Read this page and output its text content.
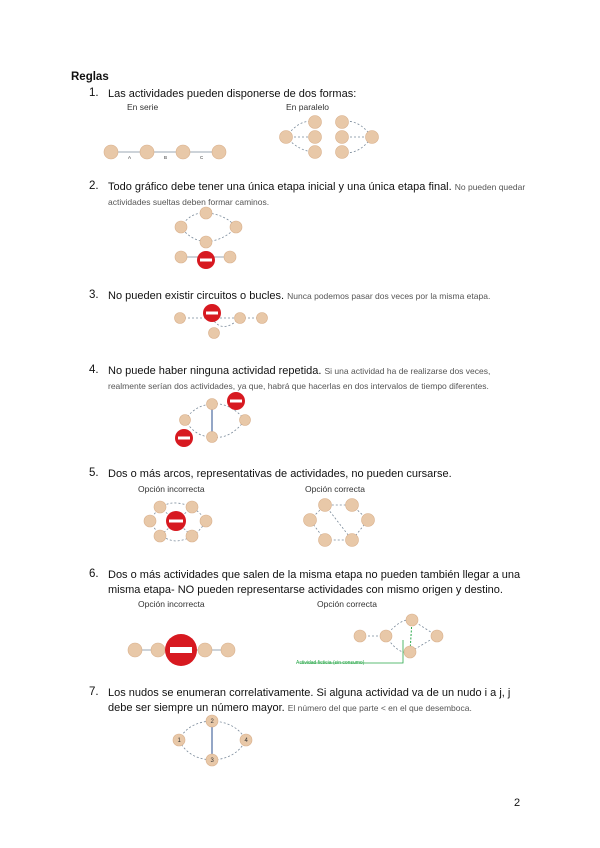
Reglas
1. Las actividades pueden disponerse de dos formas:
En serie	En paralelo
2. Todo gráfico debe tener una única etapa inicial y una única etapa final. No pueden quedar actividades sueltas deben formar caminos.
3. No pueden existir circuitos o bucles. Nunca podemos pasar dos veces por la misma etapa.
4. No puede haber ninguna actividad repetida. Si una actividad ha de realizarse dos veces, realmente serían dos actividades, ya que, habrá que hacerlas en dos intervalos de tiempo diferentes.
5. Dos o más arcos, representativas de actividades, no pueden cursarse.
Opción incorrecta	Opción correcta
6. Dos o más actividades que salen de la misma etapa no pueden también llegar a una misma etapa- NO pueden representarse actividades con mismo origen y destino.
Opción incorrecta	Opción correcta
7. Los nudos se enumeran correlativamente. Si alguna actividad va de un nudo i a j, j debe ser siempre un número mayor. El número del que parte < en el que desemboca.
2
A	B	C
Actividad ficticia (sin consumo)
1
2
3
4
